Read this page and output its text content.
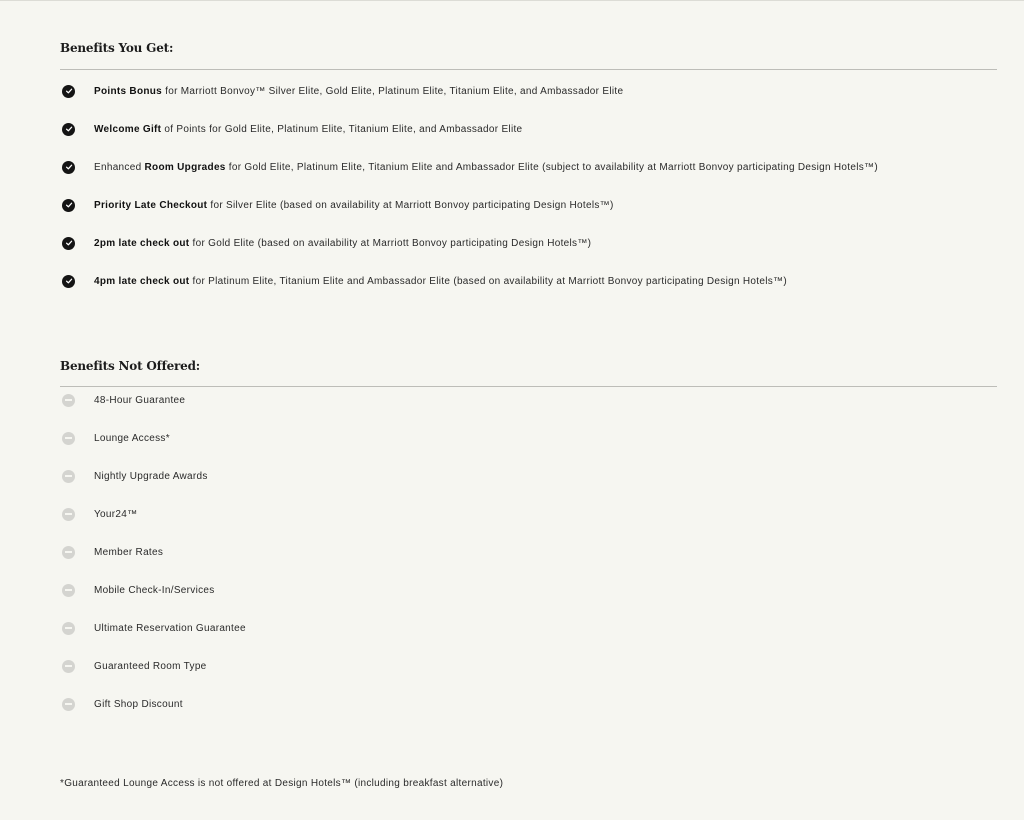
Benefits You Get:
Points Bonus for Marriott Bonvoy™ Silver Elite, Gold Elite, Platinum Elite, Titanium Elite, and Ambassador Elite
Welcome Gift of Points for Gold Elite, Platinum Elite, Titanium Elite, and Ambassador Elite
Enhanced Room Upgrades for Gold Elite, Platinum Elite, Titanium Elite and Ambassador Elite (subject to availability at Marriott Bonvoy participating Design Hotels™)
Priority Late Checkout for Silver Elite (based on availability at Marriott Bonvoy participating Design Hotels™)
2pm late check out for Gold Elite (based on availability at Marriott Bonvoy participating Design Hotels™)
4pm late check out for Platinum Elite, Titanium Elite and Ambassador Elite (based on availability at Marriott Bonvoy participating Design Hotels™)
Benefits Not Offered:
48-Hour Guarantee
Lounge Access*
Nightly Upgrade Awards
Your24™
Member Rates
Mobile Check-In/Services
Ultimate Reservation Guarantee
Guaranteed Room Type
Gift Shop Discount
*Guaranteed Lounge Access is not offered at Design Hotels™ (including breakfast alternative)
